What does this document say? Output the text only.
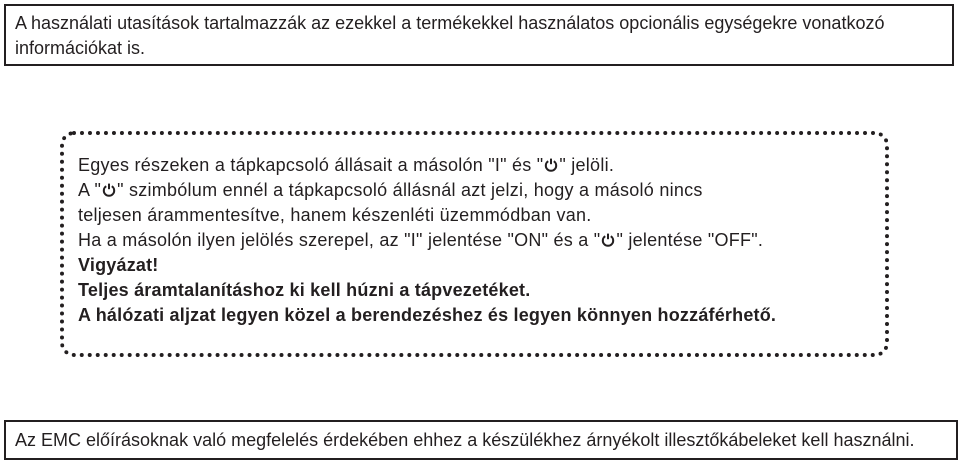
A használati utasítások tartalmazzák az ezekkel a termékekkel használatos opcionális egységekre vonatkozó információkat is.

Egyes részeken a tápkapcsoló állásait a másolón "I" és " " jelöli.

A " " szimbólum ennél a tápkapcsoló állásnál azt jelzi, hogy a másoló nincs

teljesen árammentesítve, hanem készenléti üzemmódban van.

Ha a másolón ilyen jelölés szerepel, az "I" jelentése "ON" és a " " jelentése "OFF".

Vigyázat!

Teljes áramtalanításhoz ki kell húzni a tápvezetéket.

A hálózati aljzat legyen közel a berendezéshez és legyen könnyen hozzáférhető.

Az EMC előírásoknak való megfelelés érdekében ehhez a készülékhez árnyékolt illesztőkábeleket kell használni.
